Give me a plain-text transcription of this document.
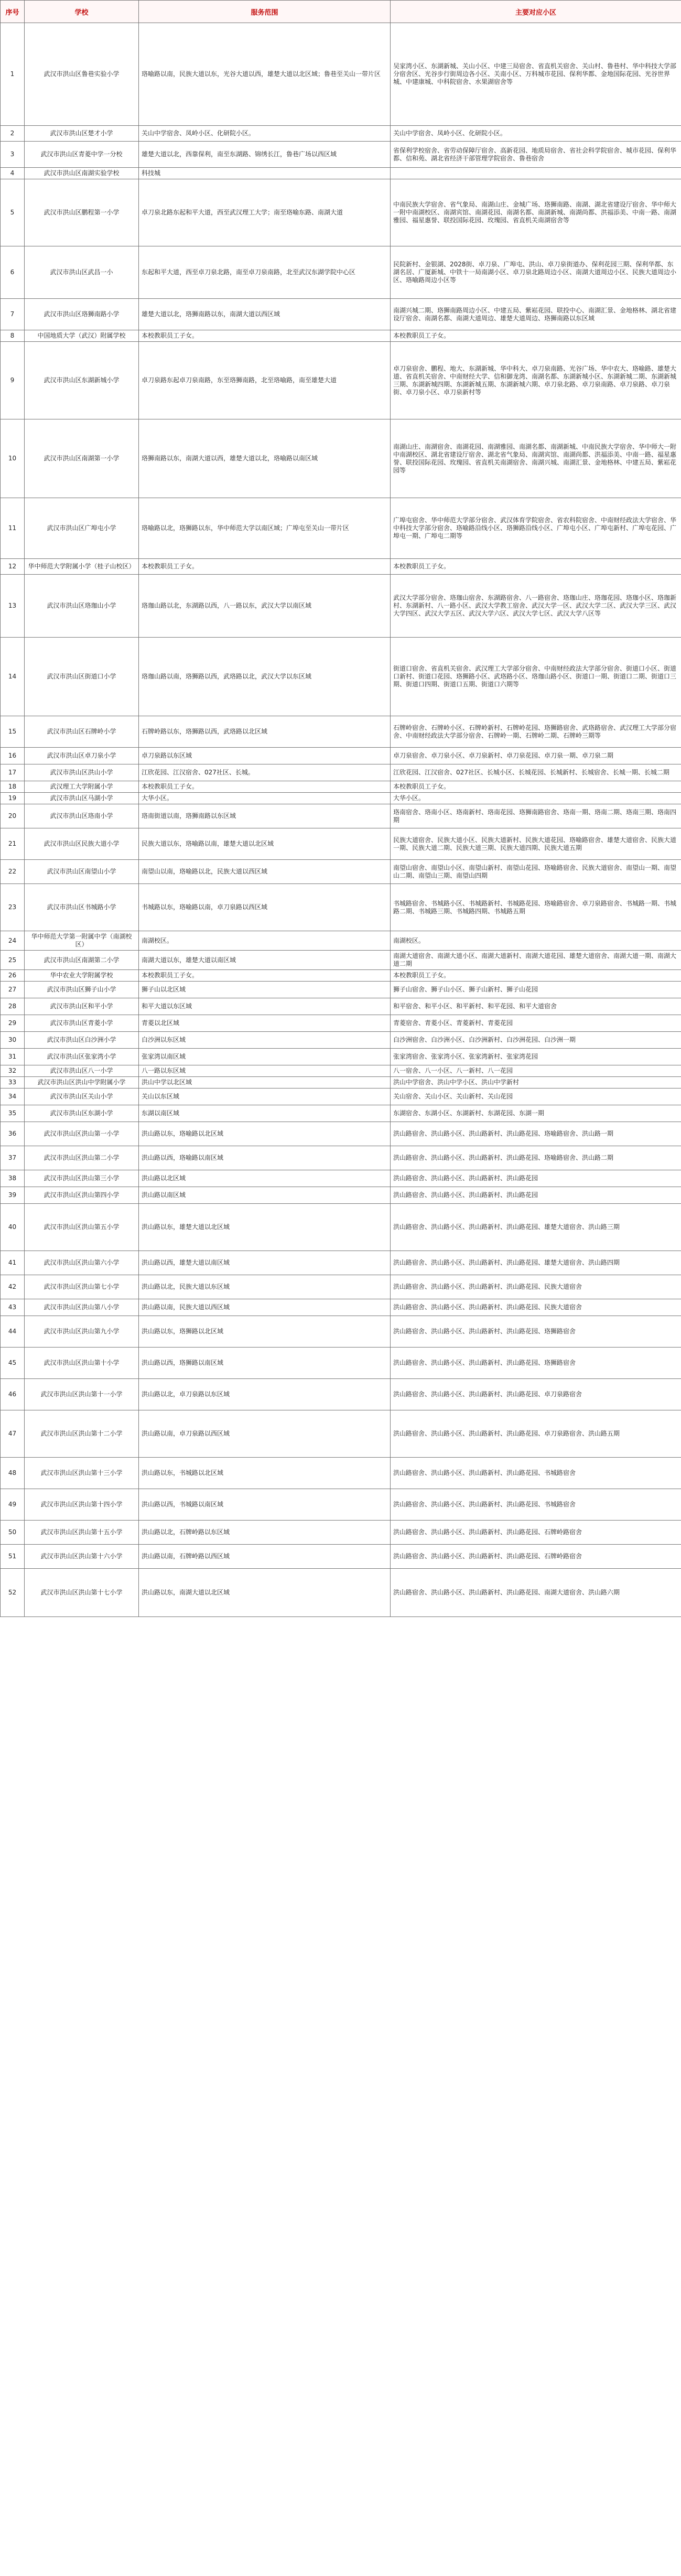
序号	学校	服务范围	主要对应小区
1	武汉市洪山区鲁巷实验小学	珞喻路以南，民族大道以东，光谷大道以西，雄楚大道以北区域；鲁巷至关山一带片区	吴家湾小区、东湖新城、关山小区、中建三局宿舍、省直机关宿舍、关山村、鲁巷村、华中科技大学部分宿舍区、光谷步行街周边各小区、关南小区、万科城市花园、保利华都、金地国际花园、光谷世界城、中建康城、中科院宿舍、水果湖宿舍等
2	武汉市洪山区楚才小学	关山中学宿舍、凤岭小区、化研院小区。	关山中学宿舍、凤岭小区、化研院小区。
3	武汉市洪山区青菱中学一分校	雄楚大道以北，西靠保利，南至东湖路、锦绣长江，鲁巷广场以西区域	省保利学校宿舍、省劳动保障厅宿舍、高新花园、地质局宿舍、省社会科学院宿舍、城市花园、保利华都、信和苑、湖北省经济干部管理学院宿舍、鲁巷宿舍
4	武汉市洪山区南湖实验学校	科技城	
5	武汉市洪山区鹏程第一小学	卓刀泉北路东起和平大道，西至武汉理工大学；南至珞喻东路、南湖大道	中南民族大学宿舍、省气象局、南湖山庄、金城广场、珞狮南路、南湖、湖北省建设厅宿舍、华中师大一附中南湖校区、南湖宾馆、南湖花园、南湖名都、南湖新城、南湖尚都、洪福添美、中南一路、南湖雅园、福星惠誉、联投国际花园、玫瑰园、省直机关南湖宿舍等
6	武汉市洪山区武昌一小	东起和平大道，西至卓刀泉北路，南至卓刀泉南路，北至武汉东湖学院中心区	民院新村、金银湖、2028街、卓刀泉、广埠屯、洪山、卓刀泉街道办、保利花园三期、保利华都、东湖名居、广厦新城、中铁十一局南湖小区、卓刀泉北路周边小区、南湖大道周边小区、民族大道周边小区、珞喻路周边小区等
7	武汉市洪山区珞狮南路小学	雄楚大道以北，珞狮南路以东，南湖大道以西区域	南湖兴城二期、珞狮南路周边小区、中建五局、紫崧花园、联投中心、南湖汇景、金地格林、湖北省建设厅宿舍、南湖名都、南湖大道周边、雄楚大道周边、珞狮南路以东区域
8	中国地质大学（武汉）附属学校	本校教职员工子女。	本校教职员工子女。
9	武汉市洪山区东湖新城小学	卓刀泉路东起卓刀泉南路，东至珞狮南路，北至珞喻路，南至雄楚大道	卓刀泉宿舍、鹏程、地大、东湖新城、华中科大、卓刀泉南路、光谷广场、华中农大、珞喻路、雄楚大道、省直机关宿舍、中南财经大学、信和御龙湾、南湖名都、东湖新城小区、东湖新城二期、东湖新城三期、东湖新城四期、东湖新城五期、东湖新城六期、卓刀泉北路、卓刀泉南路、卓刀泉路、卓刀泉街、卓刀泉小区、卓刀泉新村等
10	武汉市洪山区南湖第一小学	珞狮南路以东，南湖大道以西，雄楚大道以北，珞喻路以南区域	南湖山庄、南湖宿舍、南湖花园、南湖雅园、南湖名都、南湖新城、中南民族大学宿舍、华中师大一附中南湖校区、湖北省建设厅宿舍、湖北省气象局、南湖宾馆、南湖尚都、洪福添美、中南一路、福星惠誉、联投国际花园、玫瑰园、省直机关南湖宿舍、南湖兴城、南湖汇景、金地格林、中建五局、紫崧花园等
11	武汉市洪山区广埠屯小学	珞喻路以北，珞狮路以东，华中师范大学以南区域；广埠屯至关山一带片区	广埠屯宿舍、华中师范大学部分宿舍、武汉体育学院宿舍、省农科院宿舍、中南财经政法大学宿舍、华中科技大学部分宿舍、珞喻路沿线小区、珞狮路沿线小区、广埠屯小区、广埠屯新村、广埠屯花园、广埠屯一期、广埠屯二期等
12	华中师范大学附属小学（桂子山校区）	本校教职员工子女。	本校教职员工子女。
13	武汉市洪山区珞珈山小学	珞珈山路以北，东湖路以西，八一路以东，武汉大学以南区域	武汉大学部分宿舍、珞珈山宿舍、东湖路宿舍、八一路宿舍、珞珈山庄、珞珈花园、珞珈小区、珞珈新村、东湖新村、八一路小区、武汉大学教工宿舍、武汉大学一区、武汉大学二区、武汉大学三区、武汉大学四区、武汉大学五区、武汉大学六区、武汉大学七区、武汉大学八区等
14	武汉市洪山区街道口小学	珞珈山路以南，珞狮路以西，武珞路以北，武汉大学以东区域	街道口宿舍、省直机关宿舍、武汉理工大学部分宿舍、中南财经政法大学部分宿舍、街道口小区、街道口新村、街道口花园、珞狮路小区、武珞路小区、珞珈山路小区、街道口一期、街道口二期、街道口三期、街道口四期、街道口五期、街道口六期等
15	武汉市洪山区石牌岭小学	石牌岭路以东，珞狮路以西，武珞路以北区域	石牌岭宿舍、石牌岭小区、石牌岭新村、石牌岭花园、珞狮路宿舍、武珞路宿舍、武汉理工大学部分宿舍、中南财经政法大学部分宿舍、石牌岭一期、石牌岭二期、石牌岭三期等
16	武汉市洪山区卓刀泉小学	卓刀泉路以东区域	卓刀泉宿舍、卓刀泉小区、卓刀泉新村、卓刀泉花园、卓刀泉一期、卓刀泉二期
17	武汉市洪山区洪山小学	江欣花园、江汉宿舍、027社区、长城。	江欣花园、江汉宿舍、027社区、长城小区、长城花园、长城新村、长城宿舍、长城一期、长城二期
18	武汉理工大学附属小学	本校教职员工子女。	本校教职员工子女。
19	武汉市洪山区马湖小学	大华小区。	大华小区。
20	武汉市洪山区珞南小学	珞南街道以南，珞狮南路以东区域	珞南宿舍、珞南小区、珞南新村、珞南花园、珞狮南路宿舍、珞南一期、珞南二期、珞南三期、珞南四期
21	武汉市洪山区民族大道小学	民族大道以东，珞喻路以南，雄楚大道以北区域	民族大道宿舍、民族大道小区、民族大道新村、民族大道花园、珞喻路宿舍、雄楚大道宿舍、民族大道一期、民族大道二期、民族大道三期、民族大道四期、民族大道五期
22	武汉市洪山区南望山小学	南望山以南，珞喻路以北，民族大道以西区域	南望山宿舍、南望山小区、南望山新村、南望山花园、珞喻路宿舍、民族大道宿舍、南望山一期、南望山二期、南望山三期、南望山四期
23	武汉市洪山区书城路小学	书城路以东，珞喻路以南，卓刀泉路以西区域	书城路宿舍、书城路小区、书城路新村、书城路花园、珞喻路宿舍、卓刀泉路宿舍、书城路一期、书城路二期、书城路三期、书城路四期、书城路五期
24	华中师范大学第一附属中学（南湖校区）	南湖校区。	南湖校区。
25	武汉市洪山区南湖第二小学	南湖大道以东，雄楚大道以南区域	南湖大道宿舍、南湖大道小区、南湖大道新村、南湖大道花园、雄楚大道宿舍、南湖大道一期、南湖大道二期
26	华中农业大学附属学校	本校教职员工子女。	本校教职员工子女。
27	武汉市洪山区狮子山小学	狮子山以北区域	狮子山宿舍、狮子山小区、狮子山新村、狮子山花园
28	武汉市洪山区和平小学	和平大道以东区域	和平宿舍、和平小区、和平新村、和平花园、和平大道宿舍
29	武汉市洪山区青菱小学	青菱以北区域	青菱宿舍、青菱小区、青菱新村、青菱花园
30	武汉市洪山区白沙洲小学	白沙洲以东区域	白沙洲宿舍、白沙洲小区、白沙洲新村、白沙洲花园、白沙洲一期
31	武汉市洪山区张家湾小学	张家湾以南区域	张家湾宿舍、张家湾小区、张家湾新村、张家湾花园
32	武汉市洪山区八一小学	八一路以东区域	八一宿舍、八一小区、八一新村、八一花园
33	武汉市洪山区洪山中学附属小学	洪山中学以北区域	洪山中学宿舍、洪山中学小区、洪山中学新村
34	武汉市洪山区关山小学	关山以东区域	关山宿舍、关山小区、关山新村、关山花园
35	武汉市洪山区东湖小学	东湖以南区域	东湖宿舍、东湖小区、东湖新村、东湖花园、东湖一期
36	武汉市洪山区洪山第一小学	洪山路以东，珞喻路以北区域	洪山路宿舍、洪山路小区、洪山路新村、洪山路花园、珞喻路宿舍、洪山路一期
37	武汉市洪山区洪山第二小学	洪山路以西，珞喻路以南区域	洪山路宿舍、洪山路小区、洪山路新村、洪山路花园、珞喻路宿舍、洪山路二期
38	武汉市洪山区洪山第三小学	洪山路以北区域	洪山路宿舍、洪山路小区、洪山路新村、洪山路花园
39	武汉市洪山区洪山第四小学	洪山路以南区域	洪山路宿舍、洪山路小区、洪山路新村、洪山路花园
40	武汉市洪山区洪山第五小学	洪山路以东，雄楚大道以北区域	洪山路宿舍、洪山路小区、洪山路新村、洪山路花园、雄楚大道宿舍、洪山路三期
41	武汉市洪山区洪山第六小学	洪山路以西，雄楚大道以南区域	洪山路宿舍、洪山路小区、洪山路新村、洪山路花园、雄楚大道宿舍、洪山路四期
42	武汉市洪山区洪山第七小学	洪山路以北，民族大道以东区域	洪山路宿舍、洪山路小区、洪山路新村、洪山路花园、民族大道宿舍
43	武汉市洪山区洪山第八小学	洪山路以南，民族大道以西区域	洪山路宿舍、洪山路小区、洪山路新村、洪山路花园、民族大道宿舍
44	武汉市洪山区洪山第九小学	洪山路以东，珞狮路以北区域	洪山路宿舍、洪山路小区、洪山路新村、洪山路花园、珞狮路宿舍
45	武汉市洪山区洪山第十小学	洪山路以西，珞狮路以南区域	洪山路宿舍、洪山路小区、洪山路新村、洪山路花园、珞狮路宿舍
46	武汉市洪山区洪山第十一小学	洪山路以北，卓刀泉路以东区域	洪山路宿舍、洪山路小区、洪山路新村、洪山路花园、卓刀泉路宿舍
47	武汉市洪山区洪山第十二小学	洪山路以南，卓刀泉路以西区域	洪山路宿舍、洪山路小区、洪山路新村、洪山路花园、卓刀泉路宿舍、洪山路五期
48	武汉市洪山区洪山第十三小学	洪山路以东，书城路以北区域	洪山路宿舍、洪山路小区、洪山路新村、洪山路花园、书城路宿舍
49	武汉市洪山区洪山第十四小学	洪山路以西，书城路以南区域	洪山路宿舍、洪山路小区、洪山路新村、洪山路花园、书城路宿舍
50	武汉市洪山区洪山第十五小学	洪山路以北，石牌岭路以东区域	洪山路宿舍、洪山路小区、洪山路新村、洪山路花园、石牌岭路宿舍
51	武汉市洪山区洪山第十六小学	洪山路以南，石牌岭路以西区域	洪山路宿舍、洪山路小区、洪山路新村、洪山路花园、石牌岭路宿舍
52	武汉市洪山区洪山第十七小学	洪山路以东，南湖大道以北区域	洪山路宿舍、洪山路小区、洪山路新村、洪山路花园、南湖大道宿舍、洪山路六期
